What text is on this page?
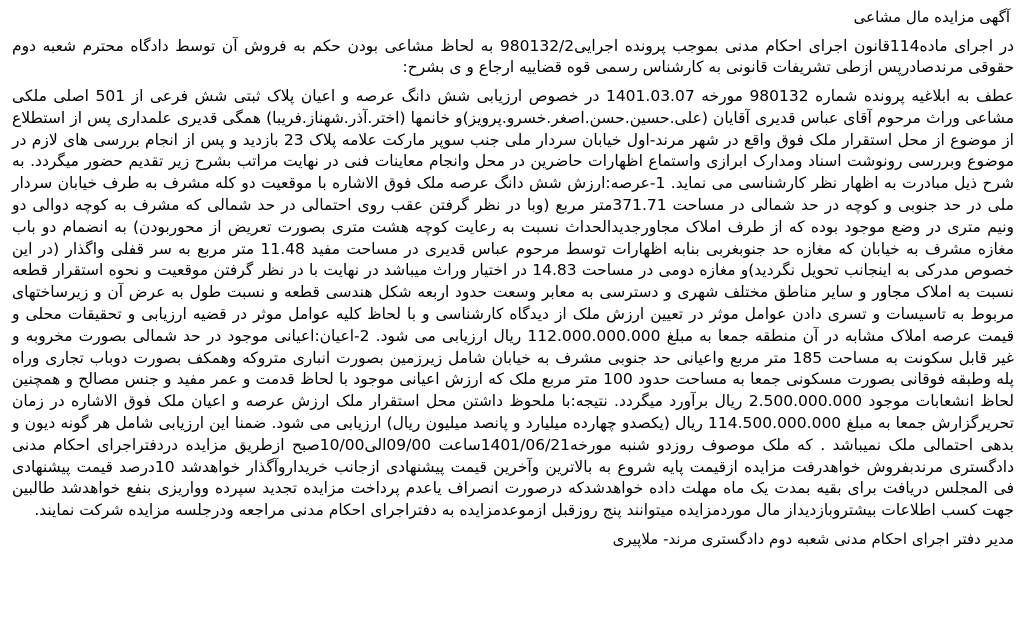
آگهی مزایده مال مشاعی

در اجرای ماده114قانون اجرای احکام مدنی بموجب پرونده اجرایی980132/2 به لحاظ مشاعی بودن حکم به فروش آن توسط دادگاه محترم شعبه دوم حقوقی مرندصادرپس ازطی تشریفات قانونی به کارشناس رسمی قوه قضاییه ارجاع و ی بشرح:

عطف به ابلاغیه پرونده شماره 980132 مورخه 1401.03.07 در خصوص ارزیابی شش دانگ عرصه و اعیان پلاک ثبتی شش فرعی از 501 اصلی ملکی مشاعی وراث مرحوم آقای عباس قدیری آقایان (علی.حسین.حسن.اصغر.خسرو.پرویز)و خانمها (اختر.آذر.شهناز.فریبا) همگی قدیری علمداری پس از استطلاع از موضوع از محل استقرار ملک فوق واقع در شهر مرند-اول خیابان سردار ملی جنب سوپر مارکت علامه پلاک 23 بازدید و پس از انجام بررسی های لازم در موضوع وبررسی رونوشت اسناد ومدارک ابرازی واستماع اظهارات حاضرین در محل وانجام معاینات فنی در نهایت مراتب بشرح زیر تقدیم حضور میگردد. به شرح ذیل مبادرت به اظهار نظر کارشناسی می نماید. 1-عرصه:ارزش شش دانگ عرصه ملک فوق الاشاره با موقعیت دو کله مشرف به طرف خیابان سردار ملی در حد جنوبی و کوچه در حد شمالی در مساحت 371.71متر مربع (وبا در نظر گرفتن عقب روی احتمالی در حد شمالی که مشرف به کوچه دوالی دو ونیم متری در وضع موجود بوده که از طرف املاک مجاورجدیدالحداث نسبت به رعایت کوچه هشت متری بصورت تعریض از محوربودن) به انضمام دو باب مغازه مشرف به خیابان که مغازه حد جنوبغربی بنابه اظهارات توسط مرحوم عباس قدیری در مساحت مفید 11.48 متر مربع به سر قفلی واگذار (در این خصوص مدرکی به اینجانب تحویل نگردید)و مغازه دومی در مساحت 14.83 در اختیار وراث میباشد در نهایت با در نظر گرفتن موقعیت و نحوه استقرار قطعه نسبت به املاک مجاور و سایر مناطق مختلف شهری و دسترسی به معابر وسعت حدود اربعه شکل هندسی قطعه و نسبت طول به عرض آن و زیرساختهای مربوط به تاسیسات و تسری دادن عوامل موثر در تعیین ارزش ملک از دیدگاه کارشناسی و با لحاظ کلیه عوامل موثر در قضیه ارزیابی و تحقیقات محلی و قیمت عرصه املاک مشابه در آن منطقه جمعا به مبلغ 112.000.000.000 ریال ارزیابی می شود. 2-اعیان:اعیانی موجود در حد شمالی بصورت مخروبه و غیر قابل سکونت به مساحت 185 متر مربع واعیانی حد جنوبی مشرف به خیابان شامل زیرزمین بصورت انباری متروکه وهمکف بصورت دوباب تجاری وراه پله وطبقه فوقانی بصورت مسکونی جمعا به مساحت حدود 100 متر مربع ملک که ارزش اعیانی موجود با لحاظ قدمت و عمر مفید و جنس مصالح و همچنین لحاظ انشعابات موجود 2.500.000.000 ریال برآورد میگردد. نتیجه:با ملحوظ داشتن محل استقرار ملک ارزش عرصه و اعیان ملک فوق الاشاره در زمان تحریرگزارش جمعا به مبلغ 114.500.000.000 ریال (یکصدو چهارده میلیارد و پانصد میلیون ریال) ارزیابی می شود. ضمنا این ارزیابی شامل هر گونه دیون و بدهی احتمالی ملک نمیباشد . که ملک موصوف روزدو شنبه مورخه1401/06/21ساعت 09/00الی10/00صبح ازطریق مزایده دردفتراجرای احکام مدنی دادگستری مرندبفروش خواهدرفت مزایده ازقیمت پایه شروع به بالاترین وآخرین قیمت پیشنهادی ازجانب خریداروآگذار خواهدشد 10درصد قیمت پیشنهادی فی المجلس دریافت برای بقیه بمدت یک ماه مهلت داده خواهدشدکه درصورت انصراف یاعدم پرداخت مزایده تجدید سپرده وواریزی بنفع خواهدشد طالبین جهت کسب اطلاعات بیشتروبازدیداز مال موردمزایده میتوانند پنج روزقبل ازموعدمزایده به دفتراجرای احکام مدنی مراجعه ودرجلسه مزایده شرکت نمایند.

مدیر دفتر اجرای احکام مدنی شعبه دوم دادگستری مرند- ملاپیری
